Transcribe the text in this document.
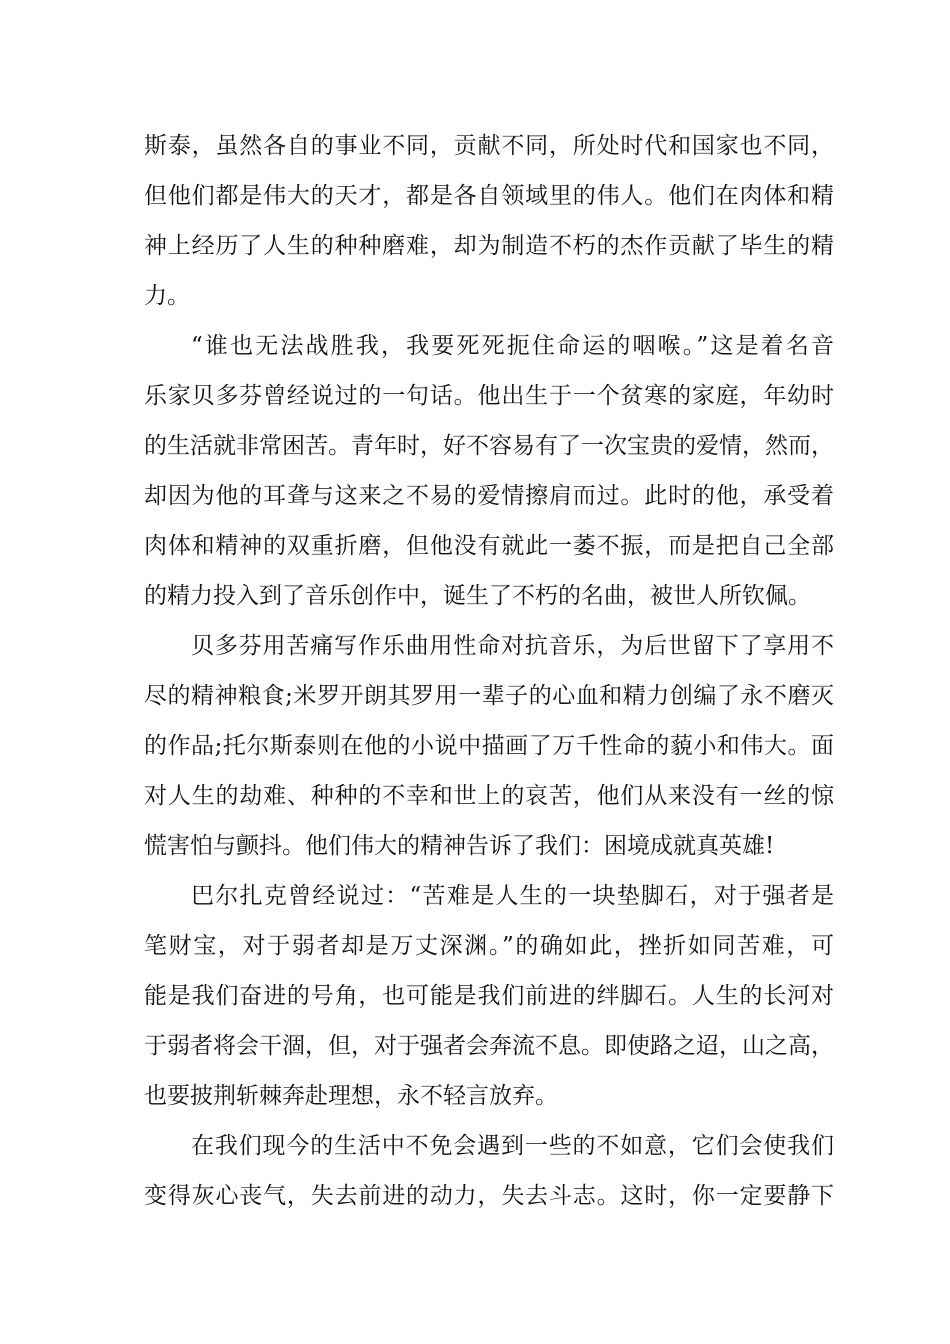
斯泰，虽然各自的事业不同，贡献不同，所处时代和国家也不同，
但他们都是伟大的天才，都是各自领域里的伟人。他们在肉体和精
神上经历了人生的种种磨难，却为制造不朽的杰作贡献了毕生的精
力。
“谁也无法战胜我，我要死死扼住命运的咽喉。”这是着名音
乐家贝多芬曾经说过的一句话。他出生于一个贫寒的家庭，年幼时
的生活就非常困苦。青年时，好不容易有了一次宝贵的爱情，然而，
却因为他的耳聋与这来之不易的爱情擦肩而过。此时的他，承受着
肉体和精神的双重折磨，但他没有就此一萎不振，而是把自己全部
的精力投入到了音乐创作中，诞生了不朽的名曲，被世人所钦佩。
贝多芬用苦痛写作乐曲用性命对抗音乐，为后世留下了享用不
尽的精神粮食;米罗开朗其罗用一辈子的心血和精力创编了永不磨灭
的作品;托尔斯泰则在他的小说中描画了万千性命的藐小和伟大。面
对人生的劫难、种种的不幸和世上的哀苦，他们从来没有一丝的惊
慌害怕与颤抖。他们伟大的精神告诉了我们：困境成就真英雄!
巴尔扎克曾经说过：“苦难是人生的一块垫脚石，对于强者是
笔财宝，对于弱者却是万丈深渊。”的确如此，挫折如同苦难，可
能是我们奋进的号角，也可能是我们前进的绊脚石。人生的长河对
于弱者将会干涸，但，对于强者会奔流不息。即使路之迢，山之高，
也要披荆斩棘奔赴理想，永不轻言放弃。
在我们现今的生活中不免会遇到一些的不如意，它们会使我们
变得灰心丧气，失去前进的动力，失去斗志。这时，你一定要静下
